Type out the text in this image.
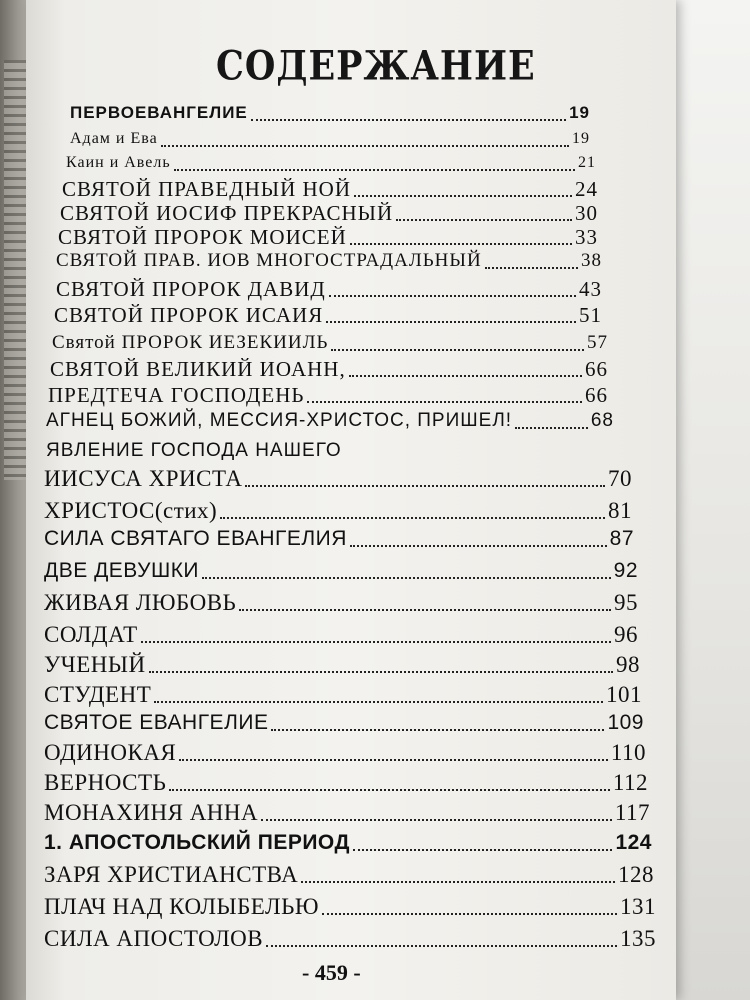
СОДЕРЖАНИЕ
ПЕРВОЕВАНГЕЛИЕ	19
Адам и Ева	19
Каин и Авель	21
СВЯТОЙ ПРАВЕДНЫЙ НОЙ	24
СВЯТОЙ ИОСИФ ПРЕКРАСНЫЙ	30
СВЯТОЙ ПРОРОК МОИСЕЙ	33
СВЯТОЙ ПРАВ. ИОВ МНОГОСТРАДАЛЬНЫЙ	38
СВЯТОЙ ПРОРОК ДАВИД	43
СВЯТОЙ ПРОРОК ИСАИЯ	51
Святой ПРОРОК ИЕЗЕКИИЛЬ	57
СВЯТОЙ ВЕЛИКИЙ ИОАНН,	66
ПРЕДТЕЧА ГОСПОДЕНЬ	66
АГНЕЦ БОЖИЙ, МЕССИЯ-ХРИСТОС, ПРИШЕЛ!	68
ЯВЛЕНИЕ ГОСПОДА НАШЕГО
ИИСУСА ХРИСТА	70
ХРИСТОС(стих)	81
СИЛА СВЯТАГО ЕВАНГЕЛИЯ	87
ДВЕ ДЕВУШКИ	92
ЖИВАЯ ЛЮБОВЬ	95
СОЛДАТ	96
УЧЕНЫЙ	98
СТУДЕНТ	101
СВЯТОЕ ЕВАНГЕЛИЕ	109
ОДИНОКАЯ	110
ВЕРНОСТЬ	112
МОНАХИНЯ АННА	117
1. АПОСТОЛЬСКИЙ ПЕРИОД	124
ЗАРЯ ХРИСТИАНСТВА	128
ПЛАЧ НАД КОЛЫБЕЛЬЮ	131
СИЛА АПОСТОЛОВ	135
- 459 -
